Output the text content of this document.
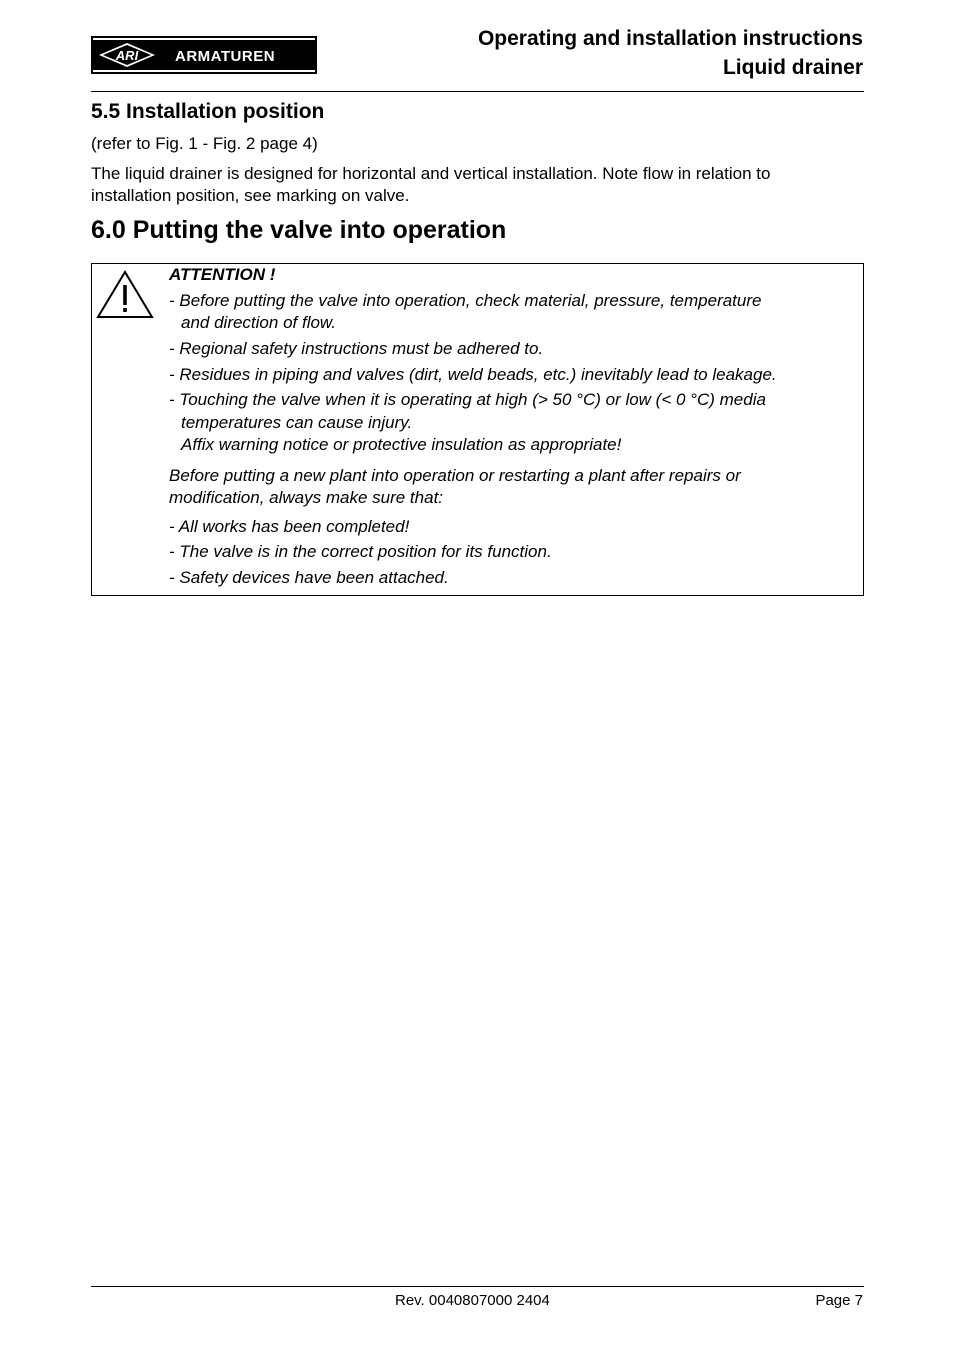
ARI ARMATUREN
Operating and installation instructions
Liquid drainer
5.5 Installation position
(refer to Fig. 1 - Fig. 2 page 4)
The liquid drainer is designed for horizontal and vertical installation. Note flow in relation to
installation position, see marking on valve.
6.0 Putting the valve into operation
ATTENTION !
- Before putting the valve into operation, check material, pressure, temperature
and direction of flow.
- Regional safety instructions must be adhered to.
- Residues in piping and valves (dirt, weld beads, etc.) inevitably lead to leakage.
- Touching the valve when it is operating at high (> 50 °C) or low (< 0 °C) media
temperatures can cause injury.
Affix warning notice or protective insulation as appropriate!
Before putting a new plant into operation or restarting a plant after repairs or
modification, always make sure that:
- All works has been completed!
- The valve is in the correct position for its function.
- Safety devices have been attached.
Rev. 0040807000 2404	Page 7
